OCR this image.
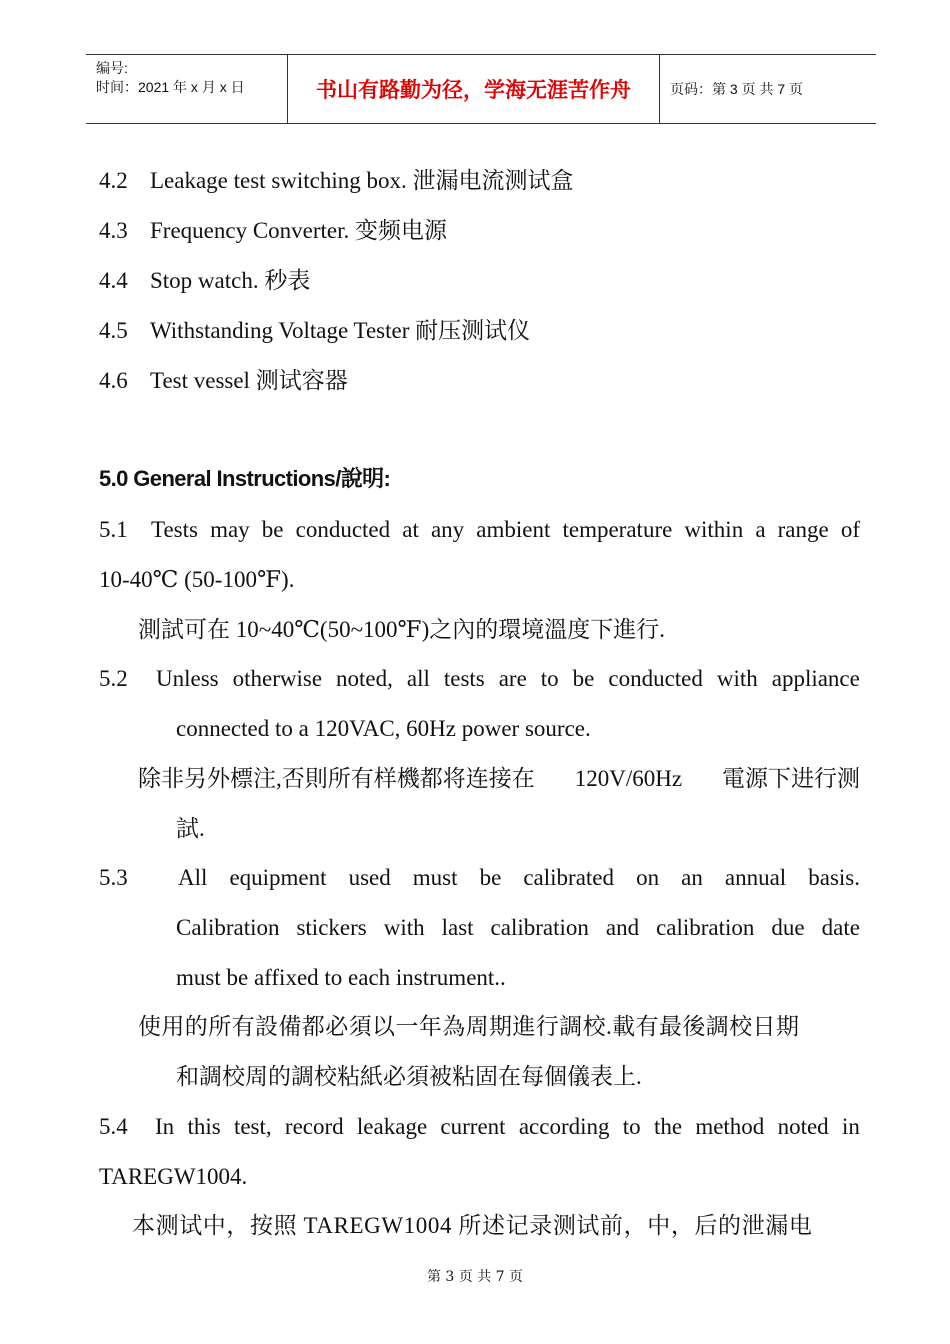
编号:
时间：2021 年 x 月 x 日	书山有路勤为径，学海无涯苦作舟	页码：第 3 页 共 7 页
4.2 Leakage test switching box. 泄漏电流测试盒
4.3 Frequency Converter. 变频电源
4.4 Stop watch. 秒表
4.5 Withstanding Voltage Tester 耐压测试仪
4.6 Test vessel 测试容器
5.0 General Instructions/說明:
5.1 Tests may be conducted at any ambient temperature within a range of
10-40℃ (50-100℉).
測試可在 10~40℃(50~100℉)之內的環境溫度下進行.
5.2 Unless otherwise noted, all tests are to be conducted with appliance
connected to a 120VAC, 60Hz power source.
除非另外標注,否則所有样機都将连接在 120V/60Hz 電源下进行测
試.
5.3 All equipment used must be calibrated on an annual basis.
Calibration stickers with last calibration and calibration due date
must be affixed to each instrument..
使用的所有設備都必須以一年為周期進行調校.載有最後調校日期
和調校周的調校粘紙必須被粘固在每個儀表上.
5.4 In this test, record leakage current according to the method noted in
TAREGW1004.
本测试中，按照 TAREGW1004 所述记录测试前，中，后的泄漏电
第 3 页 共 7 页
